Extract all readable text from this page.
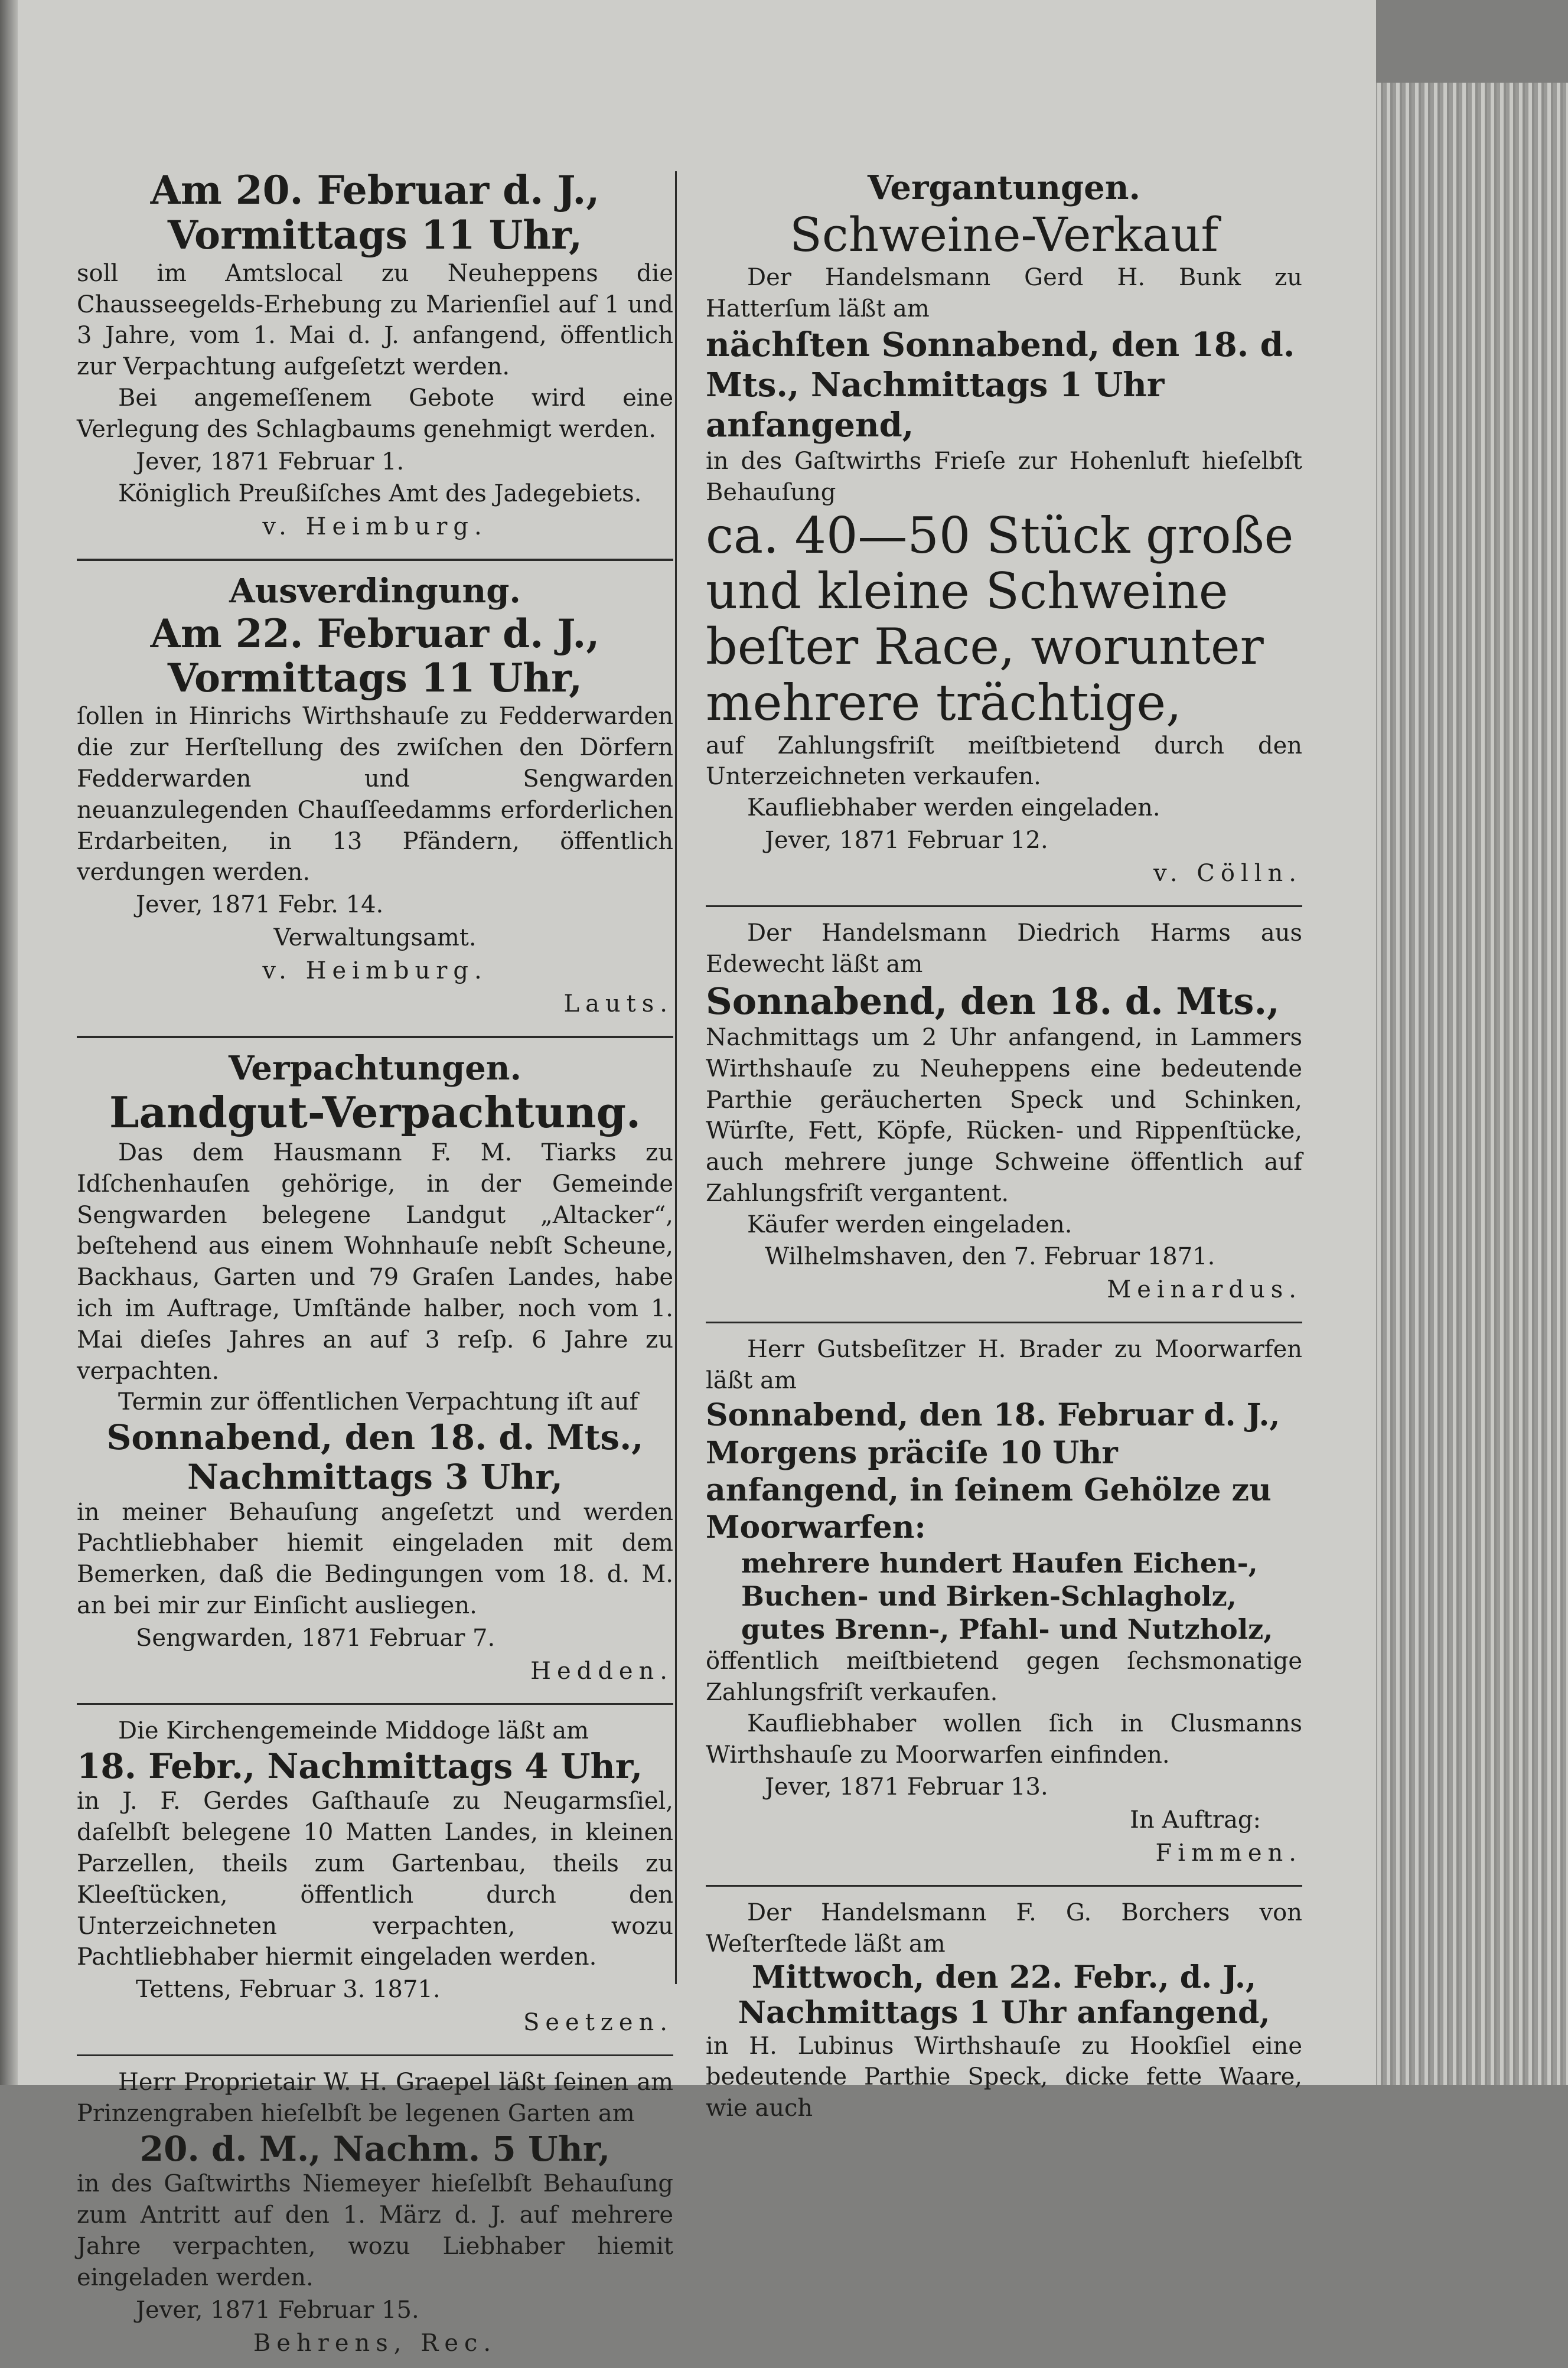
Am 20. Februar d. J.,
Vormittags 11 Uhr,

soll im Amtslocal zu Neuheppens die Chausseegelds-Erhebung zu Marienſiel auf 1 und 3 Jahre, vom 1. Mai d. J. anfangend, öffentlich zur Verpachtung aufgeſetzt werden.

Bei angemeſſenem Gebote wird eine Verlegung des Schlagbaums genehmigt werden.

Jever, 1871 Februar 1.

Königlich Preußiſches Amt des Jadegebiets.

v. Heimburg.

Ausverdingung.
Am 22. Februar d. J.,
Vormittags 11 Uhr,

ſollen in Hinrichs Wirthshauſe zu Fedderwarden die zur Herſtellung des zwiſchen den Dörfern Fedderwarden und Sengwarden neuanzulegenden Chauſſeedamms erforderlichen Erdarbeiten, in 13 Pfändern, öffentlich verdungen werden.

Jever, 1871 Febr. 14.

Verwaltungsamt.

v. Heimburg.

Lauts.

Verpachtungen.
Landgut-Verpachtung.

Das dem Hausmann F. M. Tiarks zu Idſchenhauſen gehörige, in der Gemeinde Sengwarden belegene Landgut „Altacker“, beſtehend aus einem Wohnhauſe nebſt Scheune, Backhaus, Garten und 79 Graſen Landes, habe ich im Auftrage, Umſtände halber, noch vom 1. Mai dieſes Jahres an auf 3 reſp. 6 Jahre zu verpachten.

Termin zur öffentlichen Verpachtung iſt auf

Sonnabend, den 18. d. Mts.,
Nachmittags 3 Uhr,

in meiner Behauſung angeſetzt und werden Pachtliebhaber hiemit eingeladen mit dem Bemerken, daß die Bedingungen vom 18. d. M. an bei mir zur Einſicht ausliegen.

Sengwarden, 1871 Februar 7.

Hedden.

Die Kirchengemeinde Middoge läßt am

18. Febr., Nachmittags 4 Uhr,

in J. F. Gerdes Gaſthauſe zu Neugarmsſiel, daſelbſt belegene 10 Matten Landes, in kleinen Parzellen, theils zum Gartenbau, theils zu Kleeſtücken, öffentlich durch den Unterzeichneten verpachten, wozu Pachtliebhaber hiermit eingeladen werden.

Tettens, Februar 3. 1871.

Seetzen.

Herr Proprietair W. H. Graepel läßt ſeinen am Prinzengraben hieſelbſt be legenen Garten am

20. d. M., Nachm. 5 Uhr,

in des Gaſtwirths Niemeyer hieſelbſt Behauſung zum Antritt auf den 1. März d. J. auf mehrere Jahre verpachten, wozu Liebhaber hiemit eingeladen werden.

Jever, 1871 Februar 15.

Behrens, Rec.

Vergantungen.
Schweine-Verkauf

Der Handelsmann Gerd H. Bunk zu Hatterſum läßt am

nächſten Sonnabend, den 18. d. Mts., Nachmittags 1 Uhr anfangend,

in des Gaſtwirths Frieſe zur Hohenluft hieſelbſt Behauſung

ca. 40—50 Stück große und kleine Schweine beſter Race, worunter mehrere trächtige,

auf Zahlungsfriſt meiſtbietend durch den Unterzeichneten verkaufen.

Kaufliebhaber werden eingeladen.

Jever, 1871 Februar 12.

v. Cölln.

Der Handelsmann Diedrich Harms aus Edewecht läßt am

Sonnabend, den 18. d. Mts.,

Nachmittags um 2 Uhr anfangend, in Lammers Wirthshauſe zu Neuheppens eine bedeutende Parthie geräucherten Speck und Schinken, Würſte, Fett, Köpfe, Rücken- und Rippenſtücke, auch mehrere junge Schweine öffentlich auf Zahlungsfriſt vergantent.

Käufer werden eingeladen.

Wilhelmshaven, den 7. Februar 1871.

Meinardus.

Herr Gutsbeſitzer H. Brader zu Moorwarfen läßt am

Sonnabend, den 18. Februar d. J., Morgens präciſe 10 Uhr anfangend, in ſeinem Gehölze zu Moorwarfen:
mehrere hundert Haufen Eichen-, Buchen- und Birken-Schlagholz, gutes Brenn-, Pfahl- und Nutzholz,

öffentlich meiſtbietend gegen ſechsmonatige Zahlungsfriſt verkaufen.

Kaufliebhaber wollen ſich in Clusmanns Wirthshauſe zu Moorwarfen einfinden.

Jever, 1871 Februar 13.

In Auftrag:

Fimmen.

Der Handelsmann F. G. Borchers von Weſterſtede läßt am

Mittwoch, den 22. Febr., d. J., Nachmittags 1 Uhr anfangend,

in H. Lubinus Wirthshauſe zu Hookſiel eine bedeutende Parthie Speck, dicke fette Waare, wie auch
